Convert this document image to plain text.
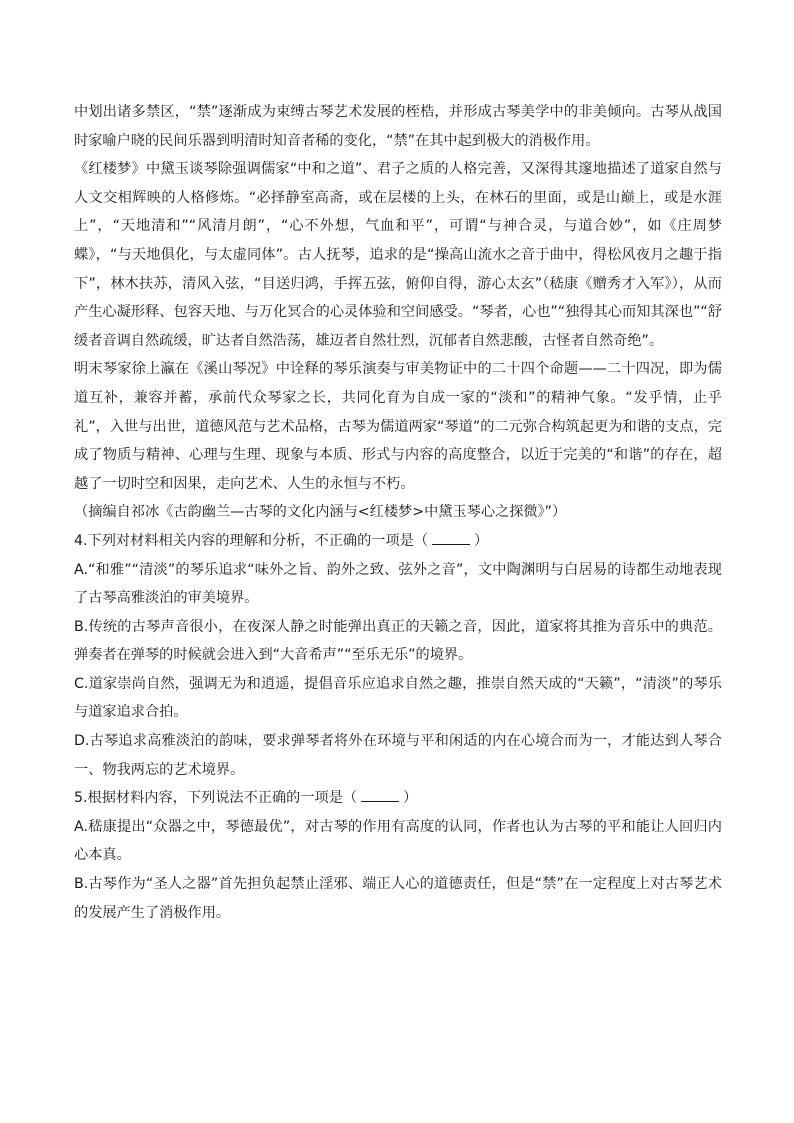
中划出诸多禁区，“禁”逐渐成为束缚古琴艺术发展的桎梏，并形成古琴美学中的非美倾向。古琴从战国时家喻户晓的民间乐器到明清时知音者稀的变化，“禁”在其中起到极大的消极作用。

《红楼梦》中黛玉谈琴除强调儒家“中和之道”、君子之质的人格完善，又深得其邃地描述了道家自然与人文交相辉映的人格修炼。“必择静室高斋，或在层楼的上头，在林石的里面，或是山巅上，或是水涯上”，“天地清和”“风清月朗”，“心不外想，气血和平”，可谓“与神合灵，与道合妙”，如《庄周梦蝶》，“与天地俱化，与太虚同体”。古人抚琴，追求的是“操高山流水之音于曲中，得松风夜月之趣于指下”，林木扶苏，清风入弦，“目送归鸿，手挥五弦，俯仰自得，游心太玄”（嵇康《赠秀才入军》），从而产生心凝形释、包容天地、与万化冥合的心灵体验和空间感受。“琴者，心也”“独得其心而知其深也”“舒缓者音调自然疏缓，旷达者自然浩荡，雄迈者自然壮烈，沉郁者自然悲酸，古怪者自然奇绝”。

明末琴家徐上瀛在《溪山琴况》中诠释的琴乐演奏与审美物证中的二十四个命题——二十四况，即为儒道互补，兼容并蓄，承前代众琴家之长，共同化育为自成一家的“淡和”的精神气象。“发乎情，止乎礼”，入世与出世，道德风范与艺术品格，古琴为儒道两家“琴道”的二元弥合构筑起更为和谐的支点，完成了物质与精神、心理与生理、现象与本质、形式与内容的高度整合，以近于完美的“和谐”的存在，超越了一切时空和因果，走向艺术、人生的永恒与不朽。

（摘编自祁冰《古韵幽兰—古琴的文化内涵与<红楼梦>中黛玉琴心之探微》”）

4.下列对材料相关内容的理解和分析，不正确的一项是（	）

A.“和雅”“清淡”的琴乐追求“味外之旨、韵外之致、弦外之音”，文中陶渊明与白居易的诗都生动地表现了古琴高雅淡泊的审美境界。

B.传统的古琴声音很小，在夜深人静之时能弹出真正的天籁之音，因此，道家将其推为音乐中的典范。弹奏者在弹琴的时候就会进入到“大音希声”“至乐无乐”的境界。

C.道家崇尚自然，强调无为和逍遥，提倡音乐应追求自然之趣，推崇自然天成的“天籁”，“清淡”的琴乐与道家追求合拍。

D.古琴追求高雅淡泊的韵味，要求弹琴者将外在环境与平和闲适的内在心境合而为一，才能达到人琴合一、物我两忘的艺术境界。

5.根据材料内容，下列说法不正确的一项是（	）

A.嵇康提出“众器之中，琴德最优”，对古琴的作用有高度的认同，作者也认为古琴的平和能让人回归内心本真。

B.古琴作为“圣人之器”首先担负起禁止淫邪、端正人心的道德责任，但是“禁”在一定程度上对古琴艺术的发展产生了消极作用。
